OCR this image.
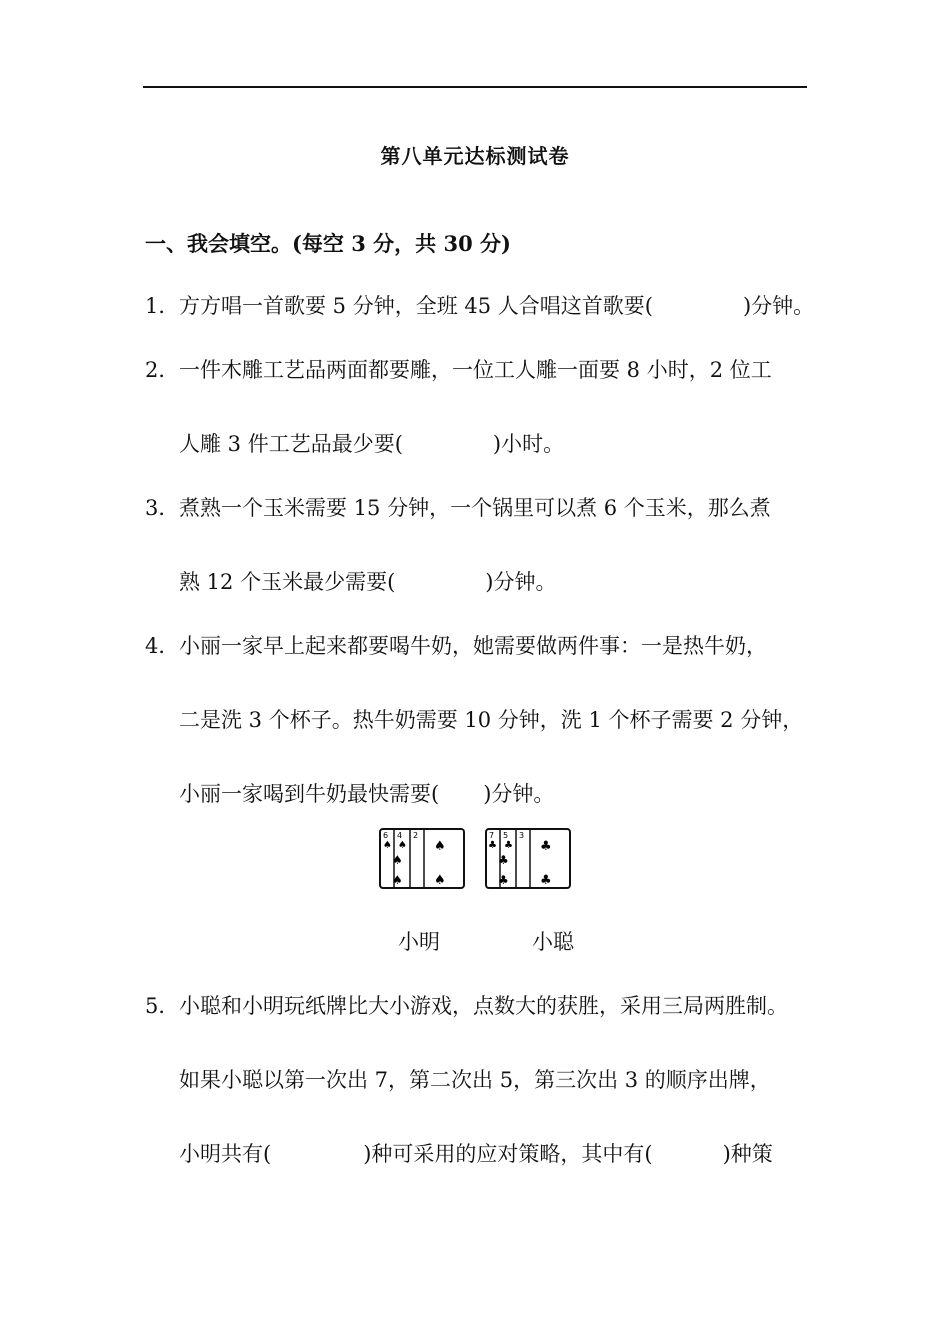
第八单元达标测试卷
一、我会填空。(每空 3 分，共 30 分)
1．方方唱一首歌要 5 分钟，全班 45 人合唱这首歌要(	)分钟。
2．一件木雕工艺品两面都要雕，一位工人雕一面要 8 小时，2 位工
人雕 3 件工艺品最少要(	)小时。
3．煮熟一个玉米需要 15 分钟，一个锅里可以煮 6 个玉米，那么煮
熟 12 个玉米最少需要(	)分钟。
4．小丽一家早上起来都要喝牛奶，她需要做两件事：一是热牛奶，
二是洗 3 个杯子。热牛奶需要 10 分钟，洗 1 个杯子需要 2 分钟，
小丽一家喝到牛奶最快需要( )分钟。
6
♠
4
♠
2
♠
♠
♠
♠
7
♣
5
♣
3
♣
♣
♣
♣
小明	小聪
5．小聪和小明玩纸牌比大小游戏，点数大的获胜，采用三局两胜制。
如果小聪以第一次出 7，第二次出 5，第三次出 3 的顺序出牌，
小明共有(	)种可采用的应对策略，其中有(	)种策
